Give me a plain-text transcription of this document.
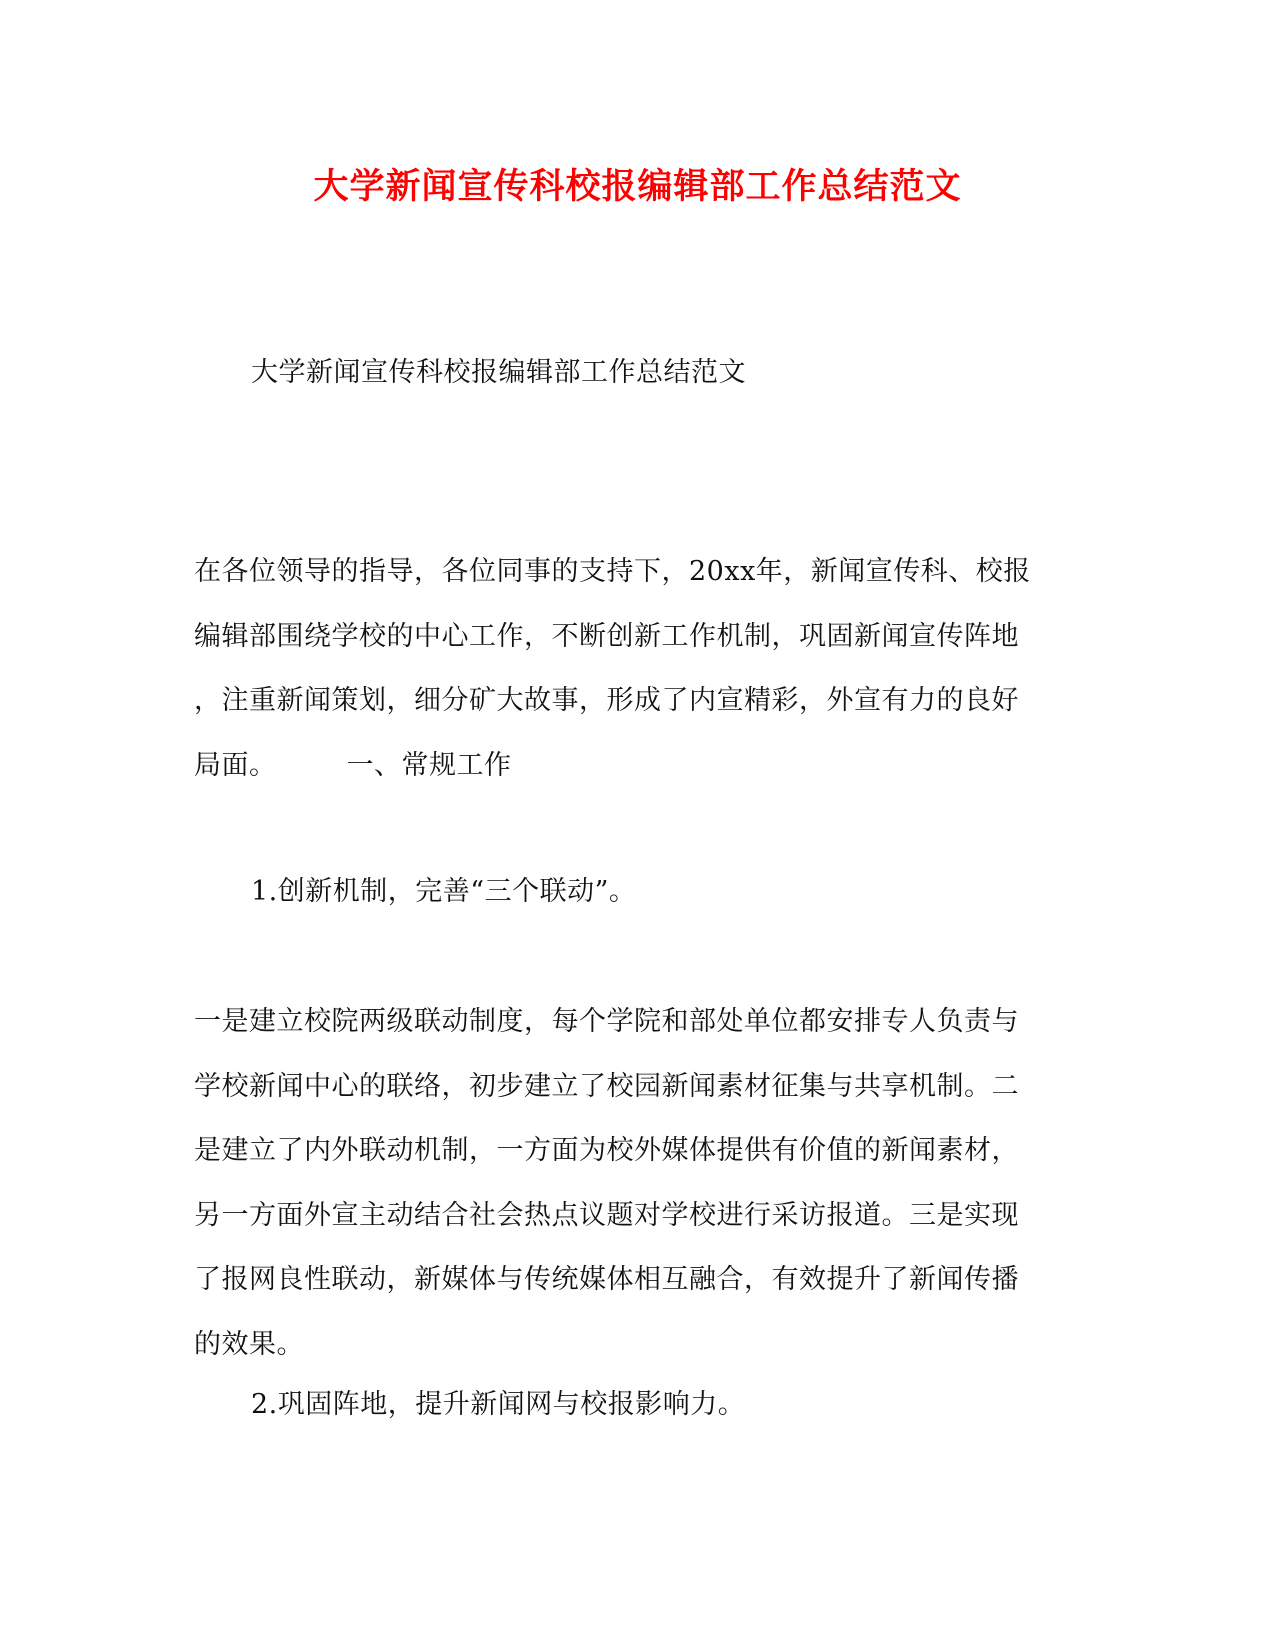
大学新闻宣传科校报编辑部工作总结范文
大学新闻宣传科校报编辑部工作总结范文
在各位领导的指导，各位同事的支持下，20xx年，新闻宣传科、校报
编辑部围绕学校的中心工作，不断创新工作机制，巩固新闻宣传阵地
，注重新闻策划，细分矿大故事，形成了内宣精彩，外宣有力的良好
局面。	一、常规工作
1.创新机制，完善“三个联动”。
一是建立校院两级联动制度，每个学院和部处单位都安排专人负责与
学校新闻中心的联络，初步建立了校园新闻素材征集与共享机制。二
是建立了内外联动机制，一方面为校外媒体提供有价值的新闻素材，
另一方面外宣主动结合社会热点议题对学校进行采访报道。三是实现
了报网良性联动，新媒体与传统媒体相互融合，有效提升了新闻传播
的效果。
2.巩固阵地，提升新闻网与校报影响力。
